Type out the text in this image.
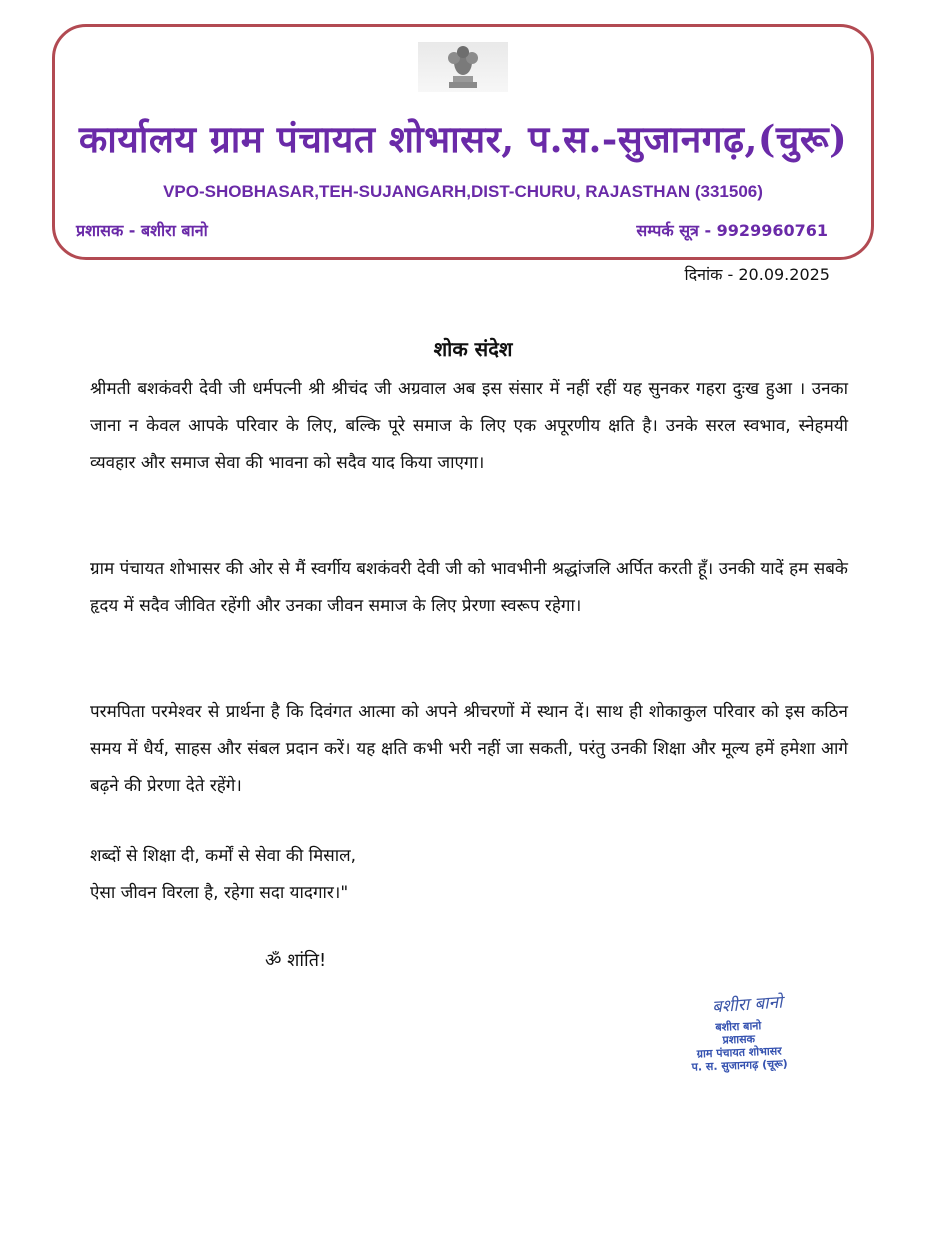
कार्यालय ग्राम पंचायत शोभासर, प.स.-सुजानगढ़,(चुरू)
VPO-SHOBHASAR,TEH-SUJANGARH,DIST-CHURU, RAJASTHAN (331506)
प्रशासक - बशीरा बानो	सम्पर्क सूत्र - 9929960761
दिनांक - 20.09.2025
शोक संदेश

श्रीमती बशकंवरी देवी जी धर्मपत्नी श्री श्रीचंद जी अग्रवाल अब इस संसार में नहीं रहीं यह सुनकर गहरा दुःख हुआ । उनका जाना न केवल आपके परिवार के लिए, बल्कि पूरे समाज के लिए एक अपूरणीय क्षति है। उनके सरल स्वभाव, स्नेहमयी व्यवहार और समाज सेवा की भावना को सदैव याद किया जाएगा।

ग्राम पंचायत शोभासर की ओर से मैं स्वर्गीय बशकंवरी देवी जी को भावभीनी श्रद्धांजलि अर्पित करती हूँ। उनकी यादें हम सबके हृदय में सदैव जीवित रहेंगी और उनका जीवन समाज के लिए प्रेरणा स्वरूप रहेगा।

परमपिता परमेश्वर से प्रार्थना है कि दिवंगत आत्मा को अपने श्रीचरणों में स्थान दें। साथ ही शोकाकुल परिवार को इस कठिन समय में धैर्य, साहस और संबल प्रदान करें। यह क्षति कभी भरी नहीं जा सकती, परंतु उनकी शिक्षा और मूल्य हमें हमेशा आगे बढ़ने की प्रेरणा देते रहेंगे।

शब्दों से शिक्षा दी, कर्मों से सेवा की मिसाल,
ऐसा जीवन विरला है, रहेगा सदा यादगार।"
ॐ शांति!
बशीरा बानो
बशीरा बानो
प्रशासक
ग्राम पंचायत शोभासर
प. स. सुजानगढ़ (चूरू)
